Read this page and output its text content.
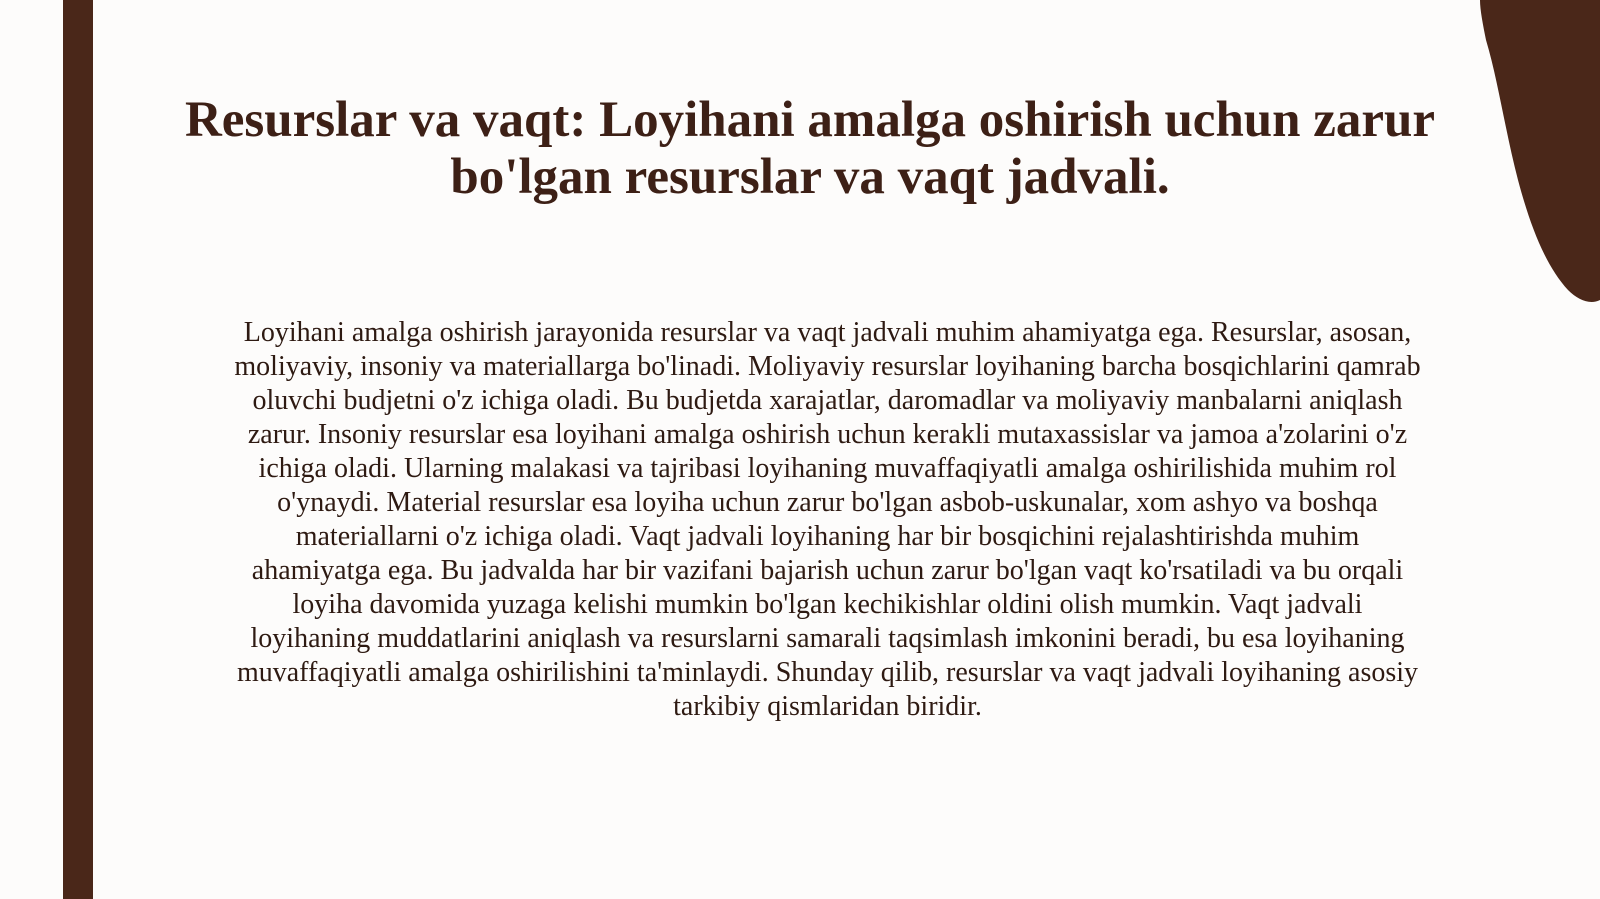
Resurslar va vaqt: Loyihani amalga oshirish uchun zarur bo'lgan resurslar va vaqt jadvali.

Loyihani amalga oshirish jarayonida resurslar va vaqt jadvali muhim ahamiyatga ega. Resurslar, asosan, moliyaviy, insoniy va materiallarga bo'linadi. Moliyaviy resurslar loyihaning barcha bosqichlarini qamrab oluvchi budjetni o'z ichiga oladi. Bu budjetda xarajatlar, daromadlar va moliyaviy manbalarni aniqlash zarur. Insoniy resurslar esa loyihani amalga oshirish uchun kerakli mutaxassislar va jamoa a'zolarini o'z ichiga oladi. Ularning malakasi va tajribasi loyihaning muvaffaqiyatli amalga oshirilishida muhim rol o'ynaydi. Material resurslar esa loyiha uchun zarur bo'lgan asbob-uskunalar, xom ashyo va boshqa materiallarni o'z ichiga oladi. Vaqt jadvali loyihaning har bir bosqichini rejalashtirishda muhim ahamiyatga ega. Bu jadvalda har bir vazifani bajarish uchun zarur bo'lgan vaqt ko'rsatiladi va bu orqali loyiha davomida yuzaga kelishi mumkin bo'lgan kechikishlar oldini olish mumkin. Vaqt jadvali loyihaning muddatlarini aniqlash va resurslarni samarali taqsimlash imkonini beradi, bu esa loyihaning muvaffaqiyatli amalga oshirilishini ta'minlaydi. Shunday qilib, resurslar va vaqt jadvali loyihaning asosiy tarkibiy qismlaridan biridir.
